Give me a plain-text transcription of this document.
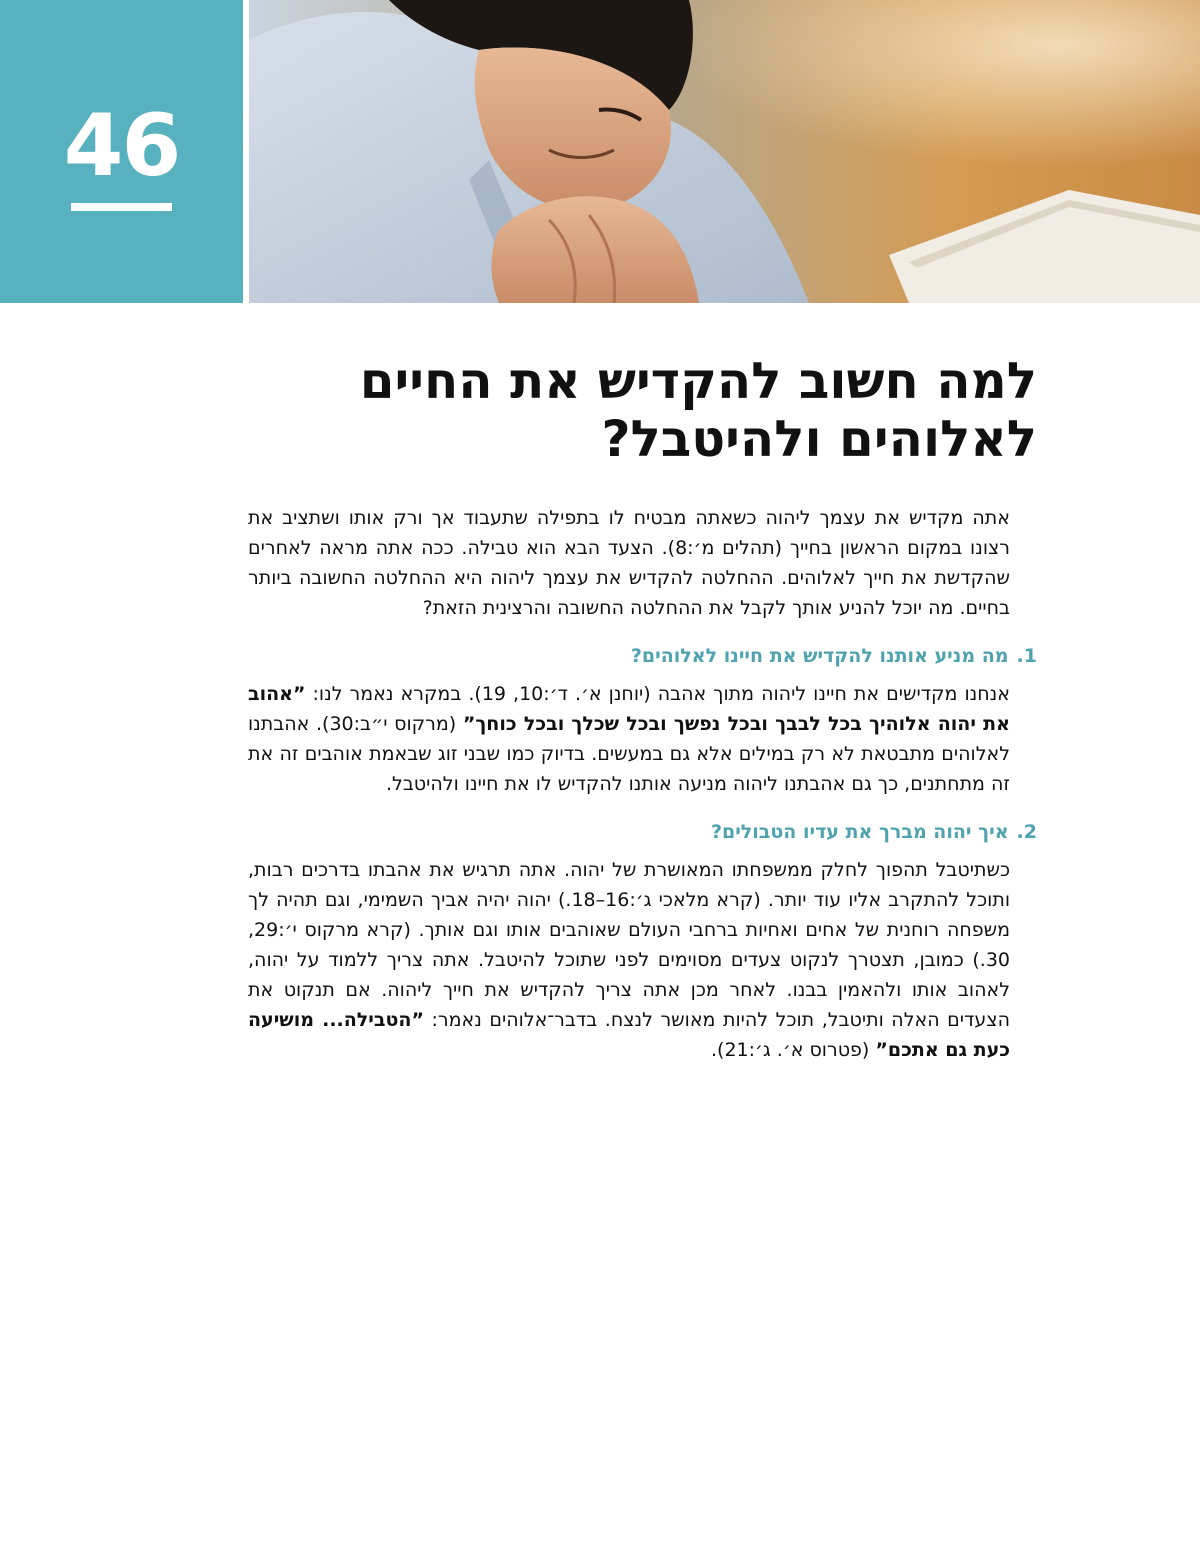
46
למה חשוב להקדיש את החיים לאלוהים ולהיטבל?

אתה מקדיש את עצמך ליהוה כשאתה מבטיח לו בתפילה שתעבוד אך ורק אותו ושתציב את רצונו במקום הראשון בחייך (תהלים מ׳:8). הצעד הבא הוא טבילה. ככה אתה מראה לאחרים שהקדשת את חייך לאלוהים. ההחלטה להקדיש את עצמך ליהוה היא ההחלטה החשובה ביותר בחיים. מה יוכל להניע אותך לקבל את ההחלטה החשובה והרצינית הזאת?

1.מה מניע אותנו להקדיש את חיינו לאלוהים?

אנחנו מקדישים את חיינו ליהוה מתוך אהבה (יוחנן א׳. ד׳:10, 19). במקרא נאמר לנו: ”אהוב את יהוה אלוהיך בכל לבבך ובכל נפשך ובכל שכלך ובכל כוחך” (מרקוס י״ב:30). אהבתנו לאלוהים מתבטאת לא רק במילים אלא גם במעשים. בדיוק כמו שבני זוג שבאמת אוהבים זה את זה מתחתנים, כך גם אהבתנו ליהוה מניעה אותנו להקדיש לו את חיינו ולהיטבל.

2.איך יהוה מברך את עדיו הטבולים?

כשתיטבל תהפוך לחלק ממשפחתו המאושרת של יהוה. אתה תרגיש את אהבתו בדרכים רבות, ותוכל להתקרב אליו עוד יותר. (קרא מלאכי ג׳:16–18.) יהוה יהיה אביך השמימי, וגם תהיה לך משפחה רוחנית של אחים ואחיות ברחבי העולם שאוהבים אותו וגם אותך. (קרא מרקוס י׳:29, 30.) כמובן, תצטרך לנקוט צעדים מסוימים לפני שתוכל להיטבל. אתה צריך ללמוד על יהוה, לאהוב אותו ולהאמין בבנו. לאחר מכן אתה צריך להקדיש את חייך ליהוה. אם תנקוט את הצעדים האלה ותיטבל, תוכל להיות מאושר לנצח. בדבר־אלוהים נאמר: ”הטבילה... מושיעה כעת גם אתכם” (פטרוס א׳. ג׳:21).
